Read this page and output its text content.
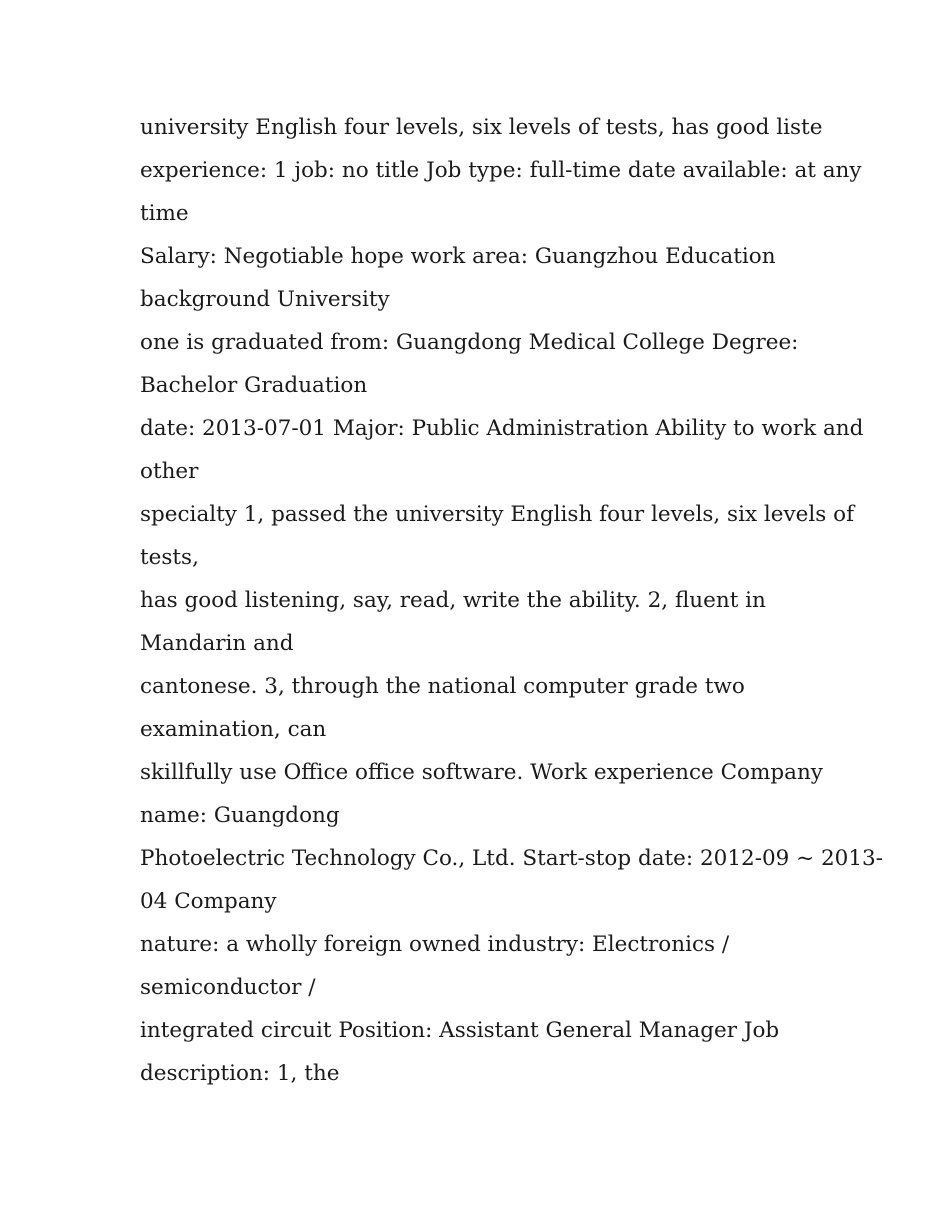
university English four levels, six levels of tests, has good liste

experience: 1 job: no title Job type: full-time date available: at any

time

Salary: Negotiable hope work area: Guangzhou Education

background University

one is graduated from: Guangdong Medical College Degree:

Bachelor Graduation

date: 2013-07-01 Major: Public Administration Ability to work and

other

specialty 1, passed the university English four levels, six levels of

tests,

has good listening, say, read, write the ability. 2, fluent in

Mandarin and

cantonese. 3, through the national computer grade two

examination, can

skillfully use Office office software. Work experience Company

name: Guangdong

Photoelectric Technology Co., Ltd. Start-stop date: 2012-09 ~ 2013-

04 Company

nature: a wholly foreign owned industry: Electronics /

semiconductor /

integrated circuit Position: Assistant General Manager Job

description: 1, the
